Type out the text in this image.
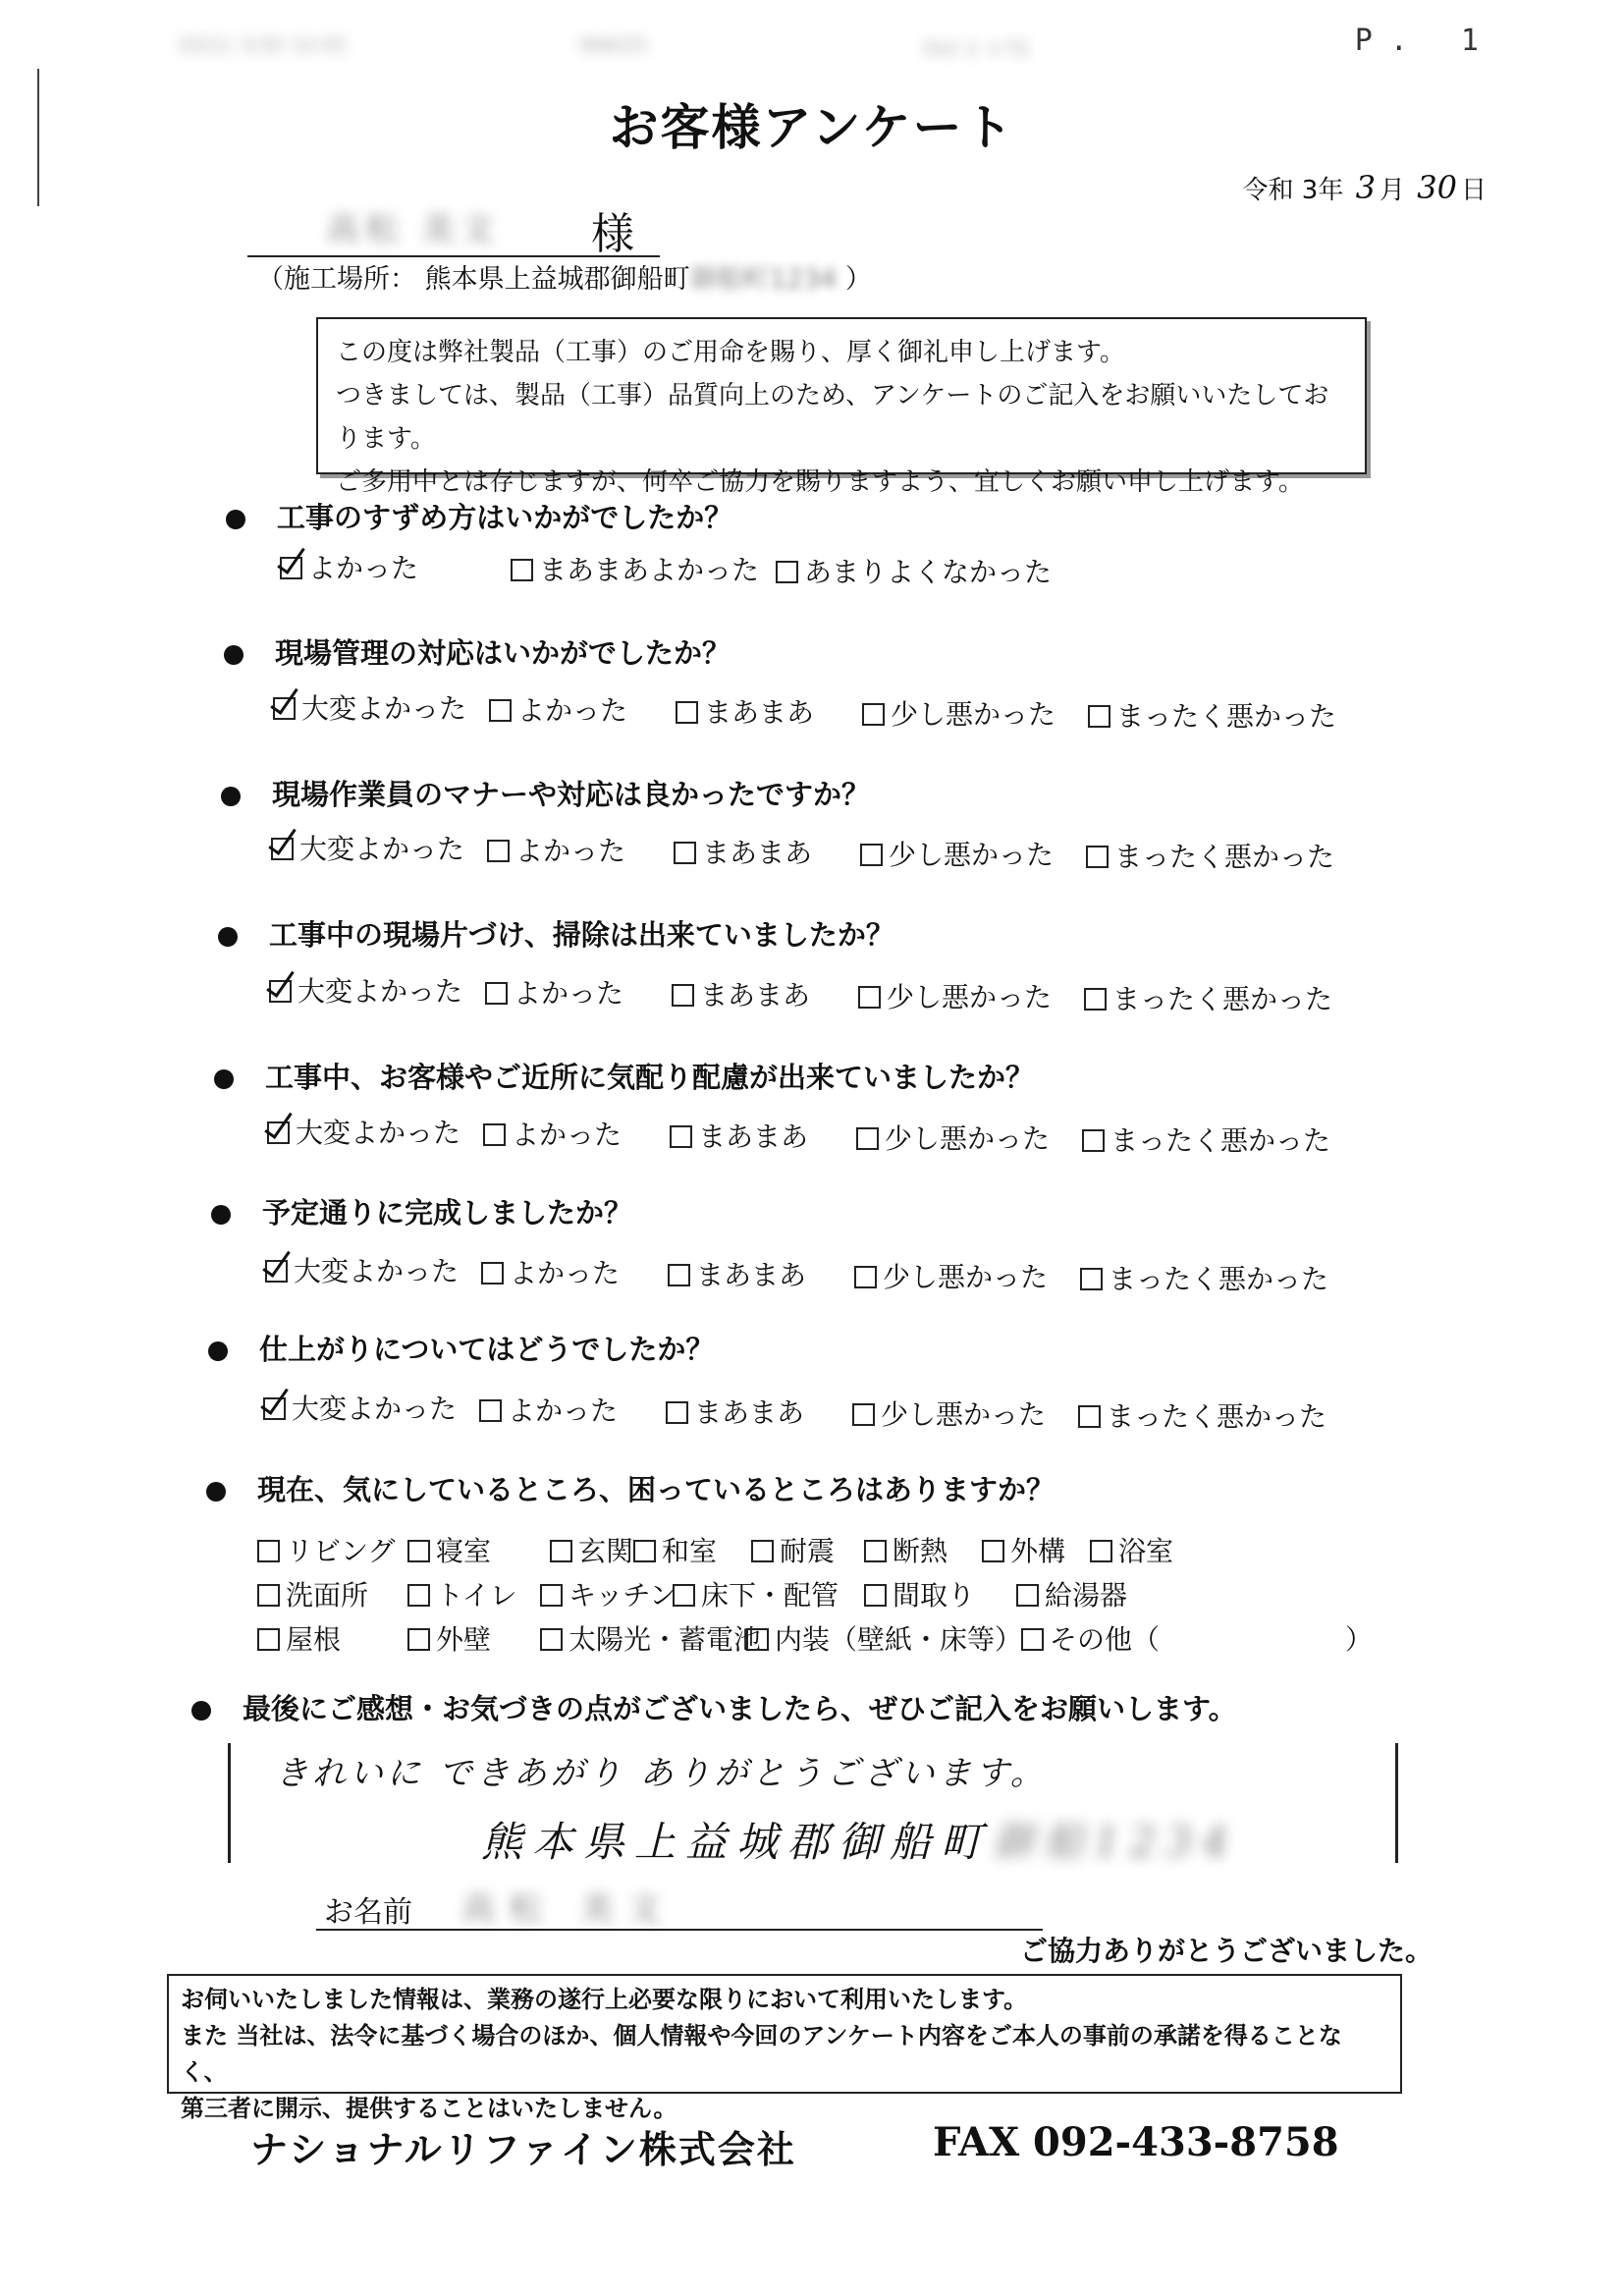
2021/ 3/30 10:05	NNKZS	FAX 2 ＃70	P. 1
お客様アンケート
令和 3年 3 月 30 日
高松 美文 様
（施工場所： 熊本県上益城郡御船町御船町1234 ）
この度は弊社製品（工事）のご用命を賜り、厚く御礼申し上げます。
つきましては、製品（工事）品質向上のため、アンケートのご記入をお願いいたしております。
ご多用中とは存じますが、何卒ご協力を賜りますよう、宜しくお願い申し上げます。
工事のすずめ方はいかがでしたか？
よかった	まあまあよかった	あまりよくなかった
現場管理の対応はいかがでしたか？
大変よかった	よかった	まあまあ	少し悪かった	まったく悪かった
現場作業員のマナーや対応は良かったですか？
大変よかった	よかった	まあまあ	少し悪かった	まったく悪かった
工事中の現場片づけ、掃除は出来ていましたか？
大変よかった	よかった	まあまあ	少し悪かった	まったく悪かった
工事中、お客様やご近所に気配り配慮が出来ていましたか？
大変よかった	よかった	まあまあ	少し悪かった	まったく悪かった
予定通りに完成しましたか？
大変よかった	よかった	まあまあ	少し悪かった	まったく悪かった
仕上がりについてはどうでしたか？
大変よかった	よかった	まあまあ	少し悪かった	まったく悪かった
現在、気にしているところ、困っているところはありますか？
リビング	寝室	玄関	和室	耐震	断熱	外構	浴室
洗面所	トイレ	キッチン 床下・配管	間取り	給湯器
屋根	外壁	太陽光・蓄電池 内装（壁紙・床等） その他（	）
最後にご感想・お気づきの点がございましたら、ぜひご記入をお願いします。
きれいに できあがり ありがとうございます。
熊本県上益城郡御船町御船1234
お名前 高松 美文
ご協力ありがとうございました。
お伺いいたしました情報は、業務の遂行上必要な限りにおいて利用いたします。
また 当社は、法令に基づく場合のほか、個人情報や今回のアンケート内容をご本人の事前の承諾を得ることなく、
第三者に開示、提供することはいたしません。
ナショナルリファイン株式会社	FAX 092-433-8758
